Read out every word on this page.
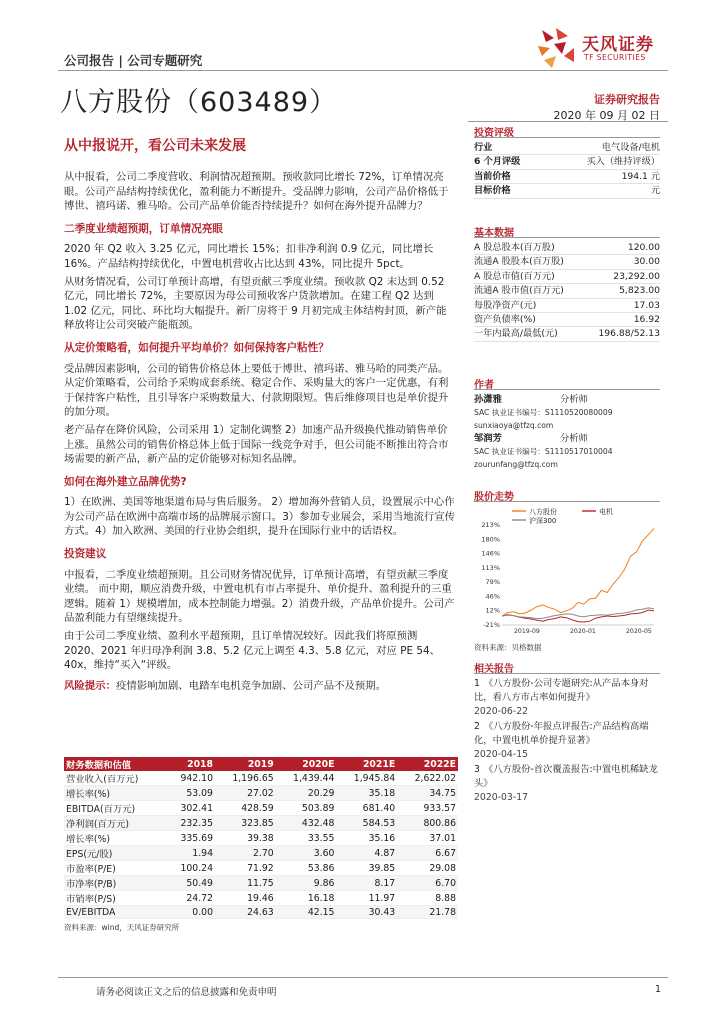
公司报告 | 公司专题研究
天风证券
TF SECURITIES
八方股份（603489）	证券研究报告
2020 年 09 月 02 日
从中报说开，看公司未来发展

从中报看，公司二季度营收、利润情况超预期。预收款同比增长 72%，订单情况亮眼。公司产品结构持续优化，盈利能力不断提升。受品牌力影响，公司产品价格低于博世、禧玛诺、雅马哈。公司产品单价能否持续提升？如何在海外提升品牌力？

二季度业绩超预期，订单情况亮眼

2020 年 Q2 收入 3.25 亿元，同比增长 15%；扣非净利润 0.9 亿元，同比增长 16%。产品结构持续优化，中置电机营收占比达到 43%，同比提升 5pct。

从财务情况看，公司订单预计高增，有望贡献三季度业绩。预收款 Q2 末达到 0.52 亿元，同比增长 72%，主要原因为母公司预收客户货款增加。在建工程 Q2 达到 1.02 亿元，同比、环比均大幅提升。新厂房将于 9 月初完成主体结构封顶，新产能释放将让公司突破产能瓶颈。

从定价策略看，如何提升平均单价？如何保持客户粘性？

受品牌因素影响，公司的销售价格总体上要低于博世、禧玛诺、雅马哈的同类产品。从定价策略看，公司给予采购成套系统、稳定合作、采购量大的客户一定优惠，有利于保持客户粘性，且引导客户采购数量大、付款期限短。售后维修项目也是单价提升的加分项。

老产品存在降价风险，公司采用 1）定制化调整 2）加速产品升级换代推动销售单价上涨。虽然公司的销售价格总体上低于国际一线竞争对手，但公司能不断推出符合市场需要的新产品，新产品的定价能够对标知名品牌。

如何在海外建立品牌优势?

1）在欧洲、美国等地渠道布局与售后服务。 2）增加海外营销人员，设置展示中心作为公司产品在欧洲中高端市场的品牌展示窗口。3）参加专业展会，采用当地流行宣传方式。4）加入欧洲、美国的行业协会组织，提升在国际行业中的话语权。

投资建议

中报看，二季度业绩超预期。且公司财务情况优异，订单预计高增，有望贡献三季度业绩。 而中期，顺应消费升级，中置电机有市占率提升、单价提升、盈利提升的三重逻辑。随着 1）规模增加，成本控制能力增强。2）消费升级，产品单价提升。公司产品盈利能力有望继续提升。

由于公司二季度业绩、盈利水平超预期，且订单情况较好。因此我们将原预测 2020、2021 年归母净利润 3.8、5.2 亿元上调至 4.3、5.8 亿元，对应 PE 54、40x，维持“买入“评级。

风险提示：疫情影响加剧、电踏车电机竞争加剧、公司产品不及预期。

财务数据和估值	2018	2019	2020E	2021E	2022E
营业收入(百万元)	942.10	1,196.65	1,439.44	1,945.84	2,622.02
增长率(%)	53.09	27.02	20.29	35.18	34.75
EBITDA(百万元)	302.41	428.59	503.89	681.40	933.57
净利润(百万元)	232.35	323.85	432.48	584.53	800.86
增长率(%)	335.69	39.38	33.55	35.16	37.01
EPS(元/股)	1.94	2.70	3.60	4.87	6.67
市盈率(P/E)	100.24	71.92	53.86	39.85	29.08
市净率(P/B)	50.49	11.75	9.86	8.17	6.70
市销率(P/S)	24.72	19.46	16.18	11.97	8.88
EV/EBITDA	0.00	24.63	42.15	30.43	21.78
资料来源：wind，天风证券研究所
投资评级
行业	电气设备/电机
6 个月评级	买入（维持评级）
当前价格	194.1 元
目标价格	元
基本数据
A 股总股本(百万股)	120.00
流通A 股股本(百万股)	30.00
A 股总市值(百万元)	23,292.00
流通A 股市值(百万元)	5,823.00
每股净资产(元)	17.03
资产负债率(%)	16.92
一年内最高/最低(元)	196.88/52.13
作者
孙潇雅	分析师
SAC 执业证书编号：S1110520080009
sunxiaoya@tfzq.com
邹润芳	分析师
SAC 执业证书编号：S1110517010004
zourunfang@tfzq.com
股价走势
213%
180%
146%
113%
79%
46%
12%
-21%
2019-09	2020-01	2020-05
八方股份	电机
沪深300
资料来源：贝格数据
相关报告
1 《八方股份-公司专题研究:从产品本身对比，看八方市占率如何提升》
2020-06-22
2 《八方股份-年报点评报告:产品结构高端化，中置电机单价提升显著》
2020-04-15
3 《八方股份-首次覆盖报告:中置电机稀缺龙头》
2020-03-17
请务必阅读正文之后的信息披露和免责申明	1
